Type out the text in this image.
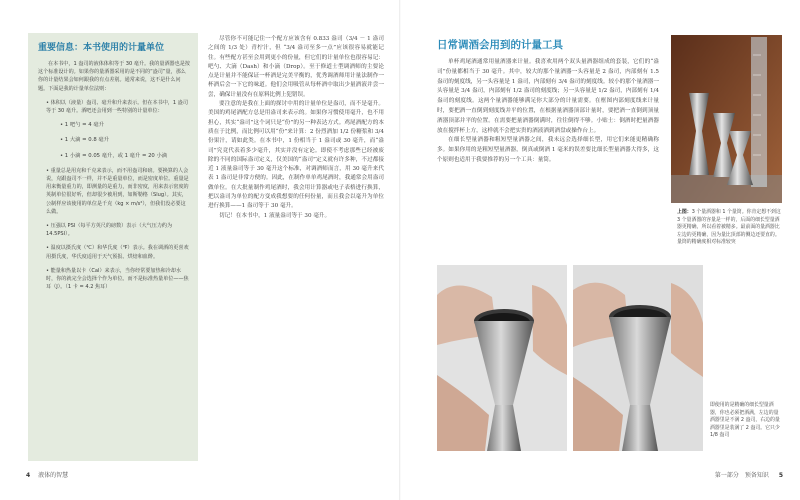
重要信息：本书使用的计量单位
在本书中，1 盎司的液体体积等于 30 毫升。我的量酒器也是按这个标准设计的。如果你的量酒器采用的是不同的“盎司”量，那么你的计量结果会如何跟我的有点差别。通常来说，这不是什么问题。下面是我的计量单位法则：
• 体积以（液量）盎司、毫升和升来表示。但在本书中，1 盎司等于 30 毫升。酒吧还会用到一些特别的计量单位：
• 1 吧勺 = 4 毫升
• 1 大滴 = 0.8 毫升
• 1 小滴 = 0.05 毫升，或 1 毫升 = 20 小滴
• 重量总是用克和千克来表示，而不用盎司和磅。要换算的人会说，克跟盎司不一样，并不是重量单位，而是密度单位。重量是用来衡量重力的，即测量的是重力，而非密度，用来表示密度的英制单位很好听，但却很少被用到，如斯勒格（Slug）。其实，公制样应该使用的单位是千克（kg × m/s²），但我们没必要这么做。
• 压强以 PSI（每平方英尺的磅数）表示（大气压力约为 14.5PSI）。
• 温度以摄氏度（℃）和华氏度（℉）表示。我在调酒的更喜欢用摄氏度，华氏度适用于天气预报、烘焙和血酔。
• 能量和热量以卡（Cal）来表示，当你经常要加热和冷却水时，你的就完全会选择个作为单位。而不是标准热量单位——焦耳（J）。（1 卡 = 4.2 焦耳）

尽管你不可能记住一个配方应该含有 0.833 盎司（3/4 － 1 盎司之间的 1/3 处）青柠汁，但 “3/4 盎司至多一点”应该很容易就能记住。有些配方甚至会用到更小的份量，但它们的计量单位也很容易记：吧勺、大滴（Dash）和小滴（Drop）。至于修道士型调酒师的主要论点是计量并不能保证一杯酒是完美平衡的，优秀调酒师用计量法制作一杯酒后会一下它的味道。他们会用吸管从每杯酒中取出少量酒液并尝一尝，确保计量没有在原料比例上犯错误。

要注意的是我在上面的探讨中用的计量单位是盎司，而不是毫升。美国的鸡尾酒配方总是用盎司来表示的。如果你习惯使用毫升，也不用担心，其实“盎司”这个词只是“份”的另一种表达方式。鸡尾酒配方的本质在于比例，而比例可以用“份”来计算：2 份烈酒加 1/2 份糖浆和 3/4 份果汁，请如此类。在本书中，1 份相当于 1 盎司或 30 毫升，而“盎司”究竟代表着多少毫升，其实并没有定论。即使不考虑那些已经被废除的不同的国际盎司定义，仅美国的“盎司”定义就有许多种，不过都接近 1 液量盎司等于 30 毫升这个标准，对调酒师而言，用 30 毫升来代表 1 盎司是非常方便的。因此，在制作单单鸡尾酒时，我通常会用盎司做单位。在大批量制作鸡尾酒时，我会用计算器或电子表格进行换算，把以盎司为单位的配方变成我想要的任何份量，而且我会以毫升为单位进行换算——1 盎司等于 30 毫升。

切记！在本书中，1 液量盎司等于 30 毫升。

4 液体的智慧
日常调酒会用到的计量工具

单杯鸡尾酒通常用量酒器来计量。我喜欢用两个双头量酒器组成的套装，它们的“盎司”份量都相当于 30 毫升。其中，较大的那个量酒器一头容量是 2 盎司，内部刻有 1.5 盎司的刻度线，另一头容量是 1 盎司，内部刻有 3/4 盎司的刻度线。较小的那个量酒器一头容量是 3/4 盎司，内部刻有 1/2 盎司的刻度线；另一头容量是 1/2 盎司，内部刻有 1/4 盎司的刻度线。这两个量酒器能够满足你大部分的计量需要。在框图内部刻度线来计量时，要把酒一直倒到刻度线并平的位置，在根据量酒器顶部计量时，要把酒一直倒到顶量酒器顶部并平的位置。在需要把量酒器倒满时，往往倒得不够。小贴士：倒酒时把量酒器放在搅拌杯上方，这样就不会把实贵的酒液洒到酒盘或操作台上。

在细长型量酒器和粗短型量酒器之间，我未远会选择细长型，用它们来能更精确称多。如果你用的是粗短型量酒器，倒真或倒酒 1 毫米的误差要比细长型量酒器大得多，这个原则也适用于我要推荐的另一个工具：量筒。

上图：3 个量酒器和 1 个量筒。你肯定想不到这 3 个量酒器的容量是一样的，后面的细长型量酒器更精确，所以看着被精多。最前面的量酒器比左边的更精确，因为量比顶部的侧边还要直的。量筒的精确度相对标准较突
即使用的是精确的细长型量酒器，你也必须把酒满，左边的量酒器里是不满 2 盎司，右边的量酒器里是装满了 2 盎司。它只少 1/8 盎司
第一部分　预备知识 5
